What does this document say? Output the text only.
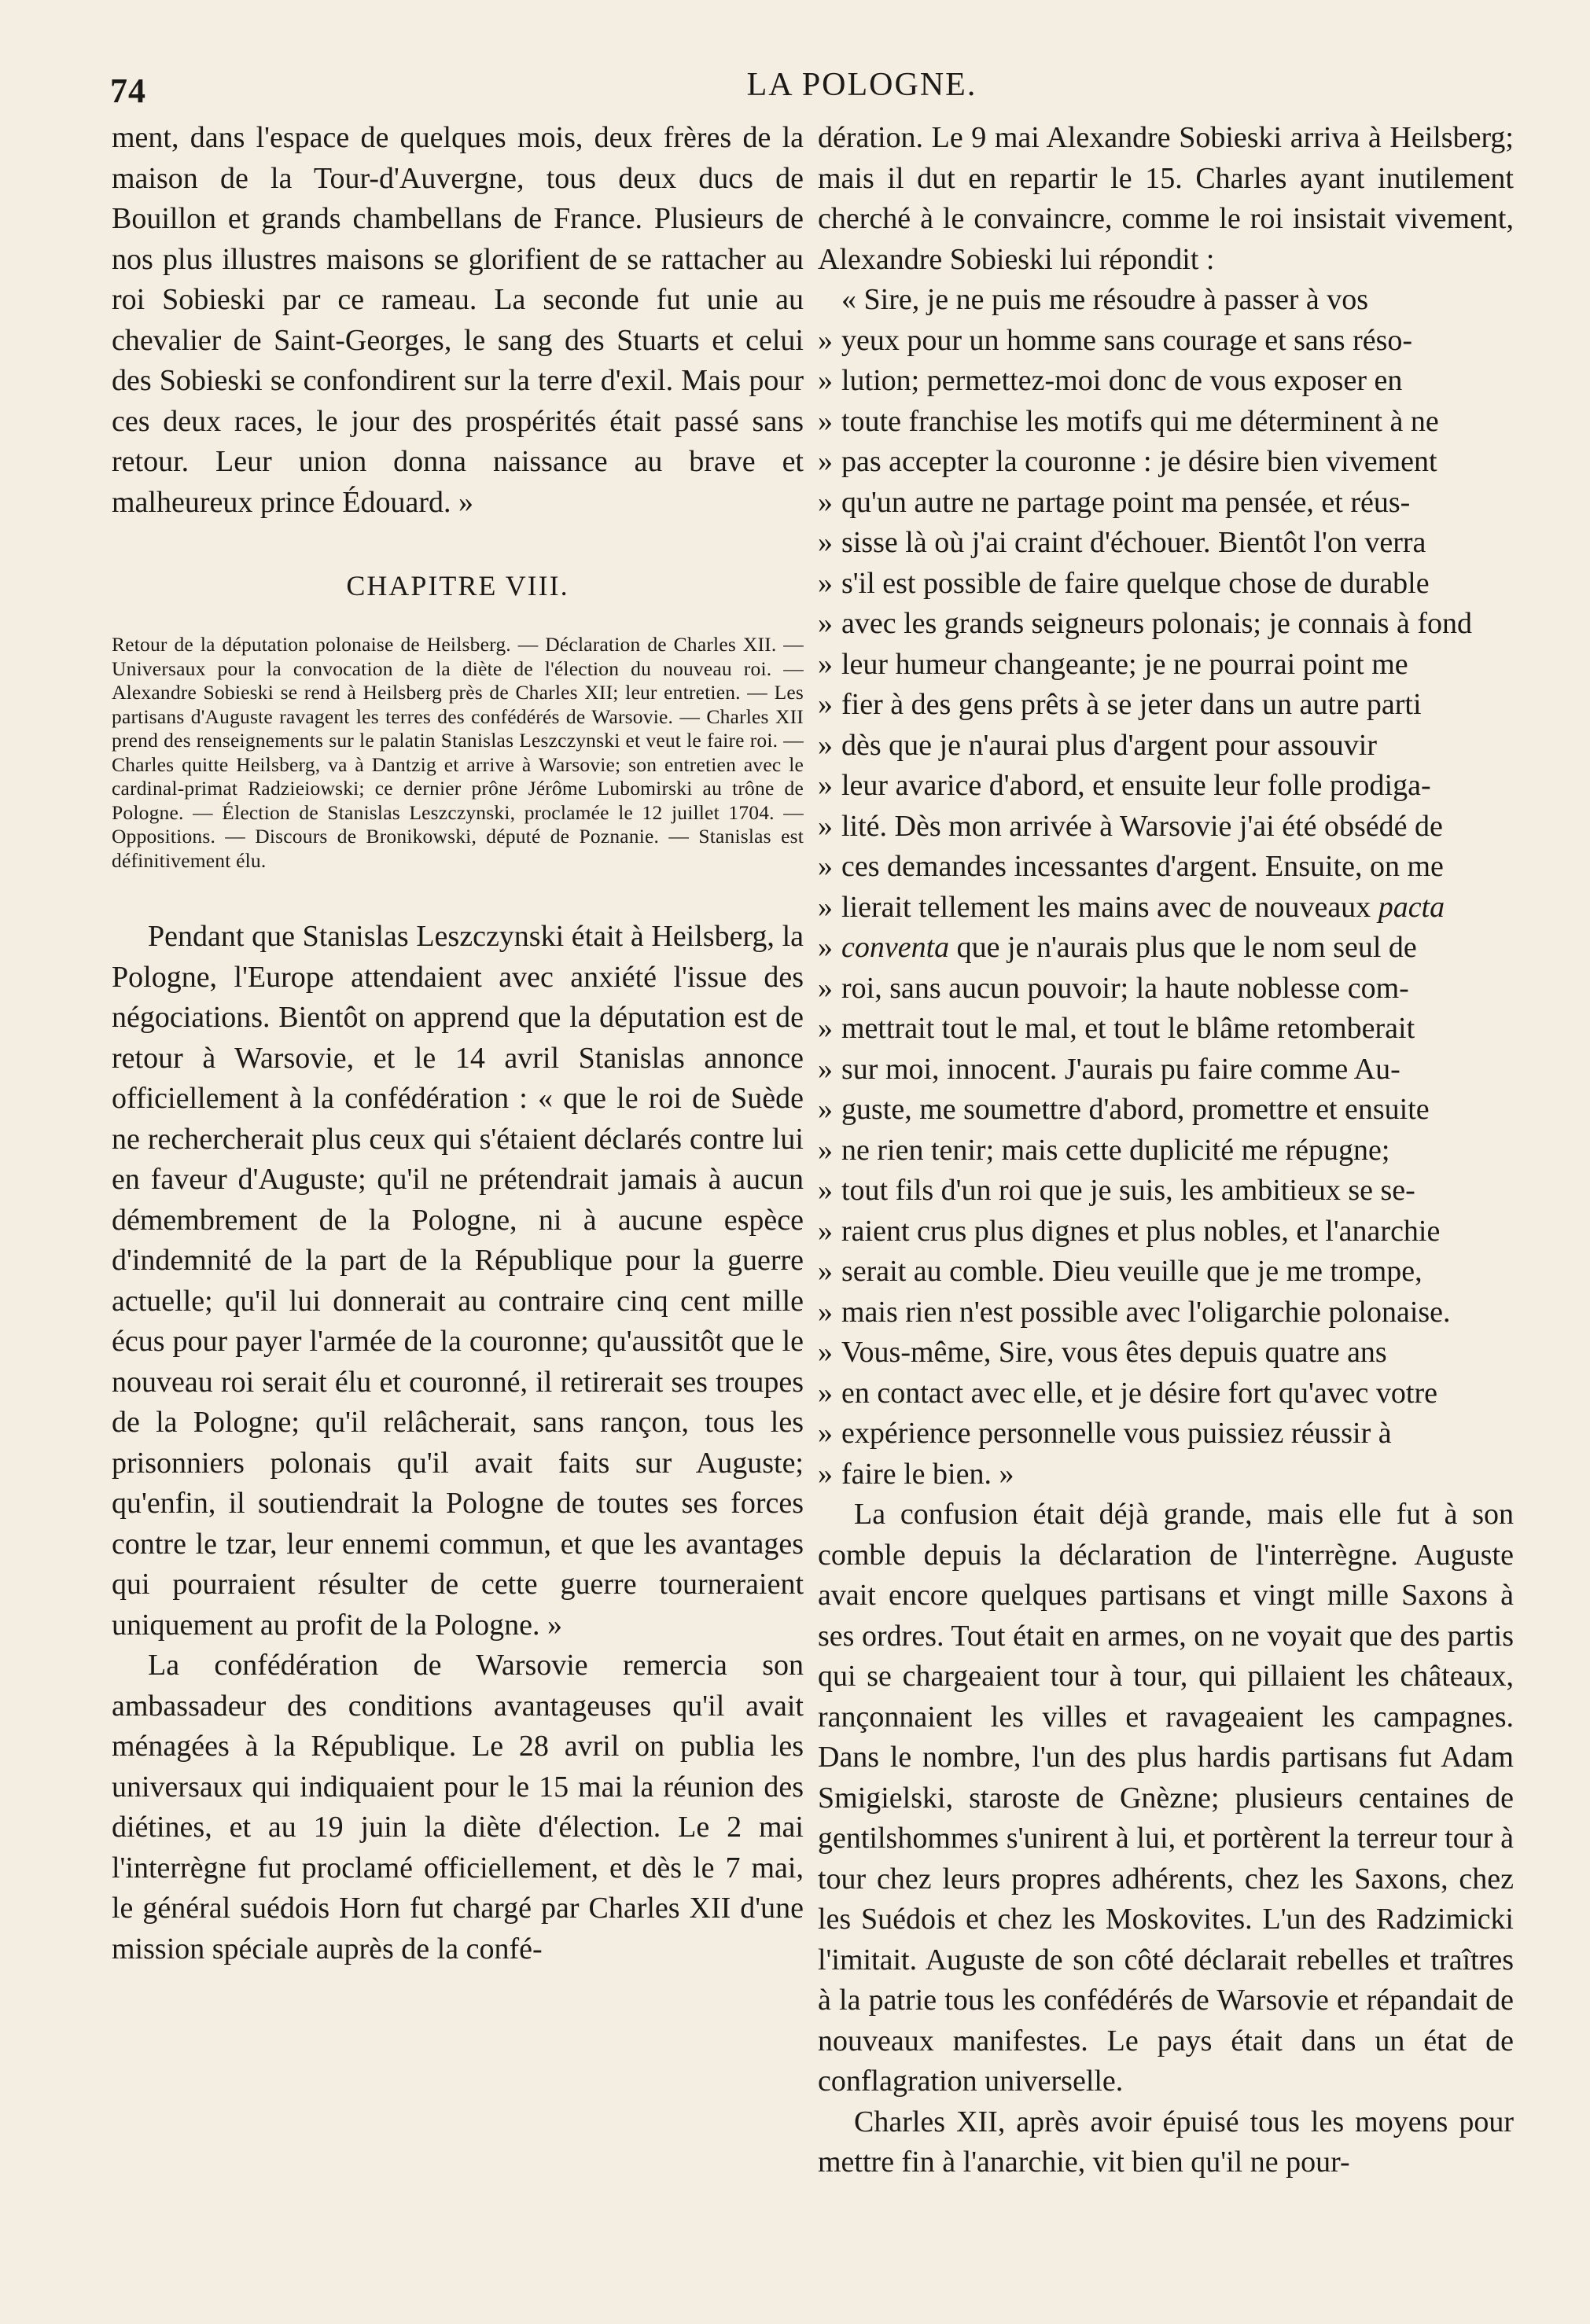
74	LA POLOGNE.

ment, dans l'espace de quelques mois, deux frères de la maison de la Tour-d'Auvergne, tous deux ducs de Bouillon et grands chambellans de France. Plusieurs de nos plus illustres maisons se glorifient de se rattacher au roi Sobieski par ce rameau. La seconde fut unie au chevalier de Saint-Georges, le sang des Stuarts et celui des Sobieski se confondirent sur la terre d'exil. Mais pour ces deux races, le jour des prospérités était passé sans retour. Leur union donna naissance au brave et malheureux prince Édouard. »

CHAPITRE VIII.

Retour de la députation polonaise de Heilsberg. — Déclaration de Charles XII. — Universaux pour la convocation de la diète de l'élection du nouveau roi. — Alexandre Sobieski se rend à Heilsberg près de Charles XII; leur entretien. — Les partisans d'Auguste ravagent les terres des confédérés de Warsovie. — Charles XII prend des renseignements sur le palatin Stanislas Leszczynski et veut le faire roi. — Charles quitte Heilsberg, va à Dantzig et arrive à Warsovie; son entretien avec le cardinal-primat Radzieiowski; ce dernier prône Jérôme Lubomirski au trône de Pologne. — Élection de Stanislas Leszczynski, proclamée le 12 juillet 1704. — Oppositions. — Discours de Bronikowski, député de Poznanie. — Stanislas est définitivement élu.

Pendant que Stanislas Leszczynski était à Heilsberg, la Pologne, l'Europe attendaient avec anxiété l'issue des négociations. Bientôt on apprend que la députation est de retour à Warsovie, et le 14 avril Stanislas annonce officiellement à la confédération : « que le roi de Suède ne rechercherait plus ceux qui s'étaient déclarés contre lui en faveur d'Auguste; qu'il ne prétendrait jamais à aucun démembrement de la Pologne, ni à aucune espèce d'indemnité de la part de la République pour la guerre actuelle; qu'il lui donnerait au contraire cinq cent mille écus pour payer l'armée de la couronne; qu'aussitôt que le nouveau roi serait élu et couronné, il retirerait ses troupes de la Pologne; qu'il relâcherait, sans rançon, tous les prisonniers polonais qu'il avait faits sur Auguste; qu'enfin, il soutiendrait la Pologne de toutes ses forces contre le tzar, leur ennemi commun, et que les avantages qui pourraient résulter de cette guerre tourneraient uniquement au profit de la Pologne. »

La confédération de Warsovie remercia son ambassadeur des conditions avantageuses qu'il avait ménagées à la République. Le 28 avril on publia les universaux qui indiquaient pour le 15 mai la réunion des diétines, et au 19 juin la diète d'élection. Le 2 mai l'interrègne fut proclamé officiellement, et dès le 7 mai, le général suédois Horn fut chargé par Charles XII d'une mission spéciale auprès de la confé-

dération. Le 9 mai Alexandre Sobieski arriva à Heilsberg; mais il dut en repartir le 15. Charles ayant inutilement cherché à le convaincre, comme le roi insistait vivement, Alexandre Sobieski lui répondit :

« Sire, je ne puis me résoudre à passer à vos
» yeux pour un homme sans courage et sans réso-
» lution; permettez-moi donc de vous exposer en
» toute franchise les motifs qui me déterminent à ne
» pas accepter la couronne : je désire bien vivement
» qu'un autre ne partage point ma pensée, et réus-
» sisse là où j'ai craint d'échouer. Bientôt l'on verra
» s'il est possible de faire quelque chose de durable
» avec les grands seigneurs polonais; je connais à fond
» leur humeur changeante; je ne pourrai point me
» fier à des gens prêts à se jeter dans un autre parti
» dès que je n'aurai plus d'argent pour assouvir
» leur avarice d'abord, et ensuite leur folle prodiga-
» lité. Dès mon arrivée à Warsovie j'ai été obsédé de
» ces demandes incessantes d'argent. Ensuite, on me
» lierait tellement les mains avec de nouveaux pacta
» conventa que je n'aurais plus que le nom seul de
» roi, sans aucun pouvoir; la haute noblesse com-
» mettrait tout le mal, et tout le blâme retomberait
» sur moi, innocent. J'aurais pu faire comme Au-
» guste, me soumettre d'abord, promettre et ensuite
» ne rien tenir; mais cette duplicité me répugne;
» tout fils d'un roi que je suis, les ambitieux se se-
» raient crus plus dignes et plus nobles, et l'anarchie
» serait au comble. Dieu veuille que je me trompe,
» mais rien n'est possible avec l'oligarchie polonaise.
» Vous-même, Sire, vous êtes depuis quatre ans
» en contact avec elle, et je désire fort qu'avec votre
» expérience personnelle vous puissiez réussir à
» faire le bien. »

La confusion était déjà grande, mais elle fut à son comble depuis la déclaration de l'interrègne. Auguste avait encore quelques partisans et vingt mille Saxons à ses ordres. Tout était en armes, on ne voyait que des partis qui se chargeaient tour à tour, qui pillaient les châteaux, rançonnaient les villes et ravageaient les campagnes. Dans le nombre, l'un des plus hardis partisans fut Adam Smigielski, staroste de Gnèzne; plusieurs centaines de gentilshommes s'unirent à lui, et portèrent la terreur tour à tour chez leurs propres adhérents, chez les Saxons, chez les Suédois et chez les Moskovites. L'un des Radzimicki l'imitait. Auguste de son côté déclarait rebelles et traîtres à la patrie tous les confédérés de Warsovie et répandait de nouveaux manifestes. Le pays était dans un état de conflagration universelle.

Charles XII, après avoir épuisé tous les moyens pour mettre fin à l'anarchie, vit bien qu'il ne pour-
